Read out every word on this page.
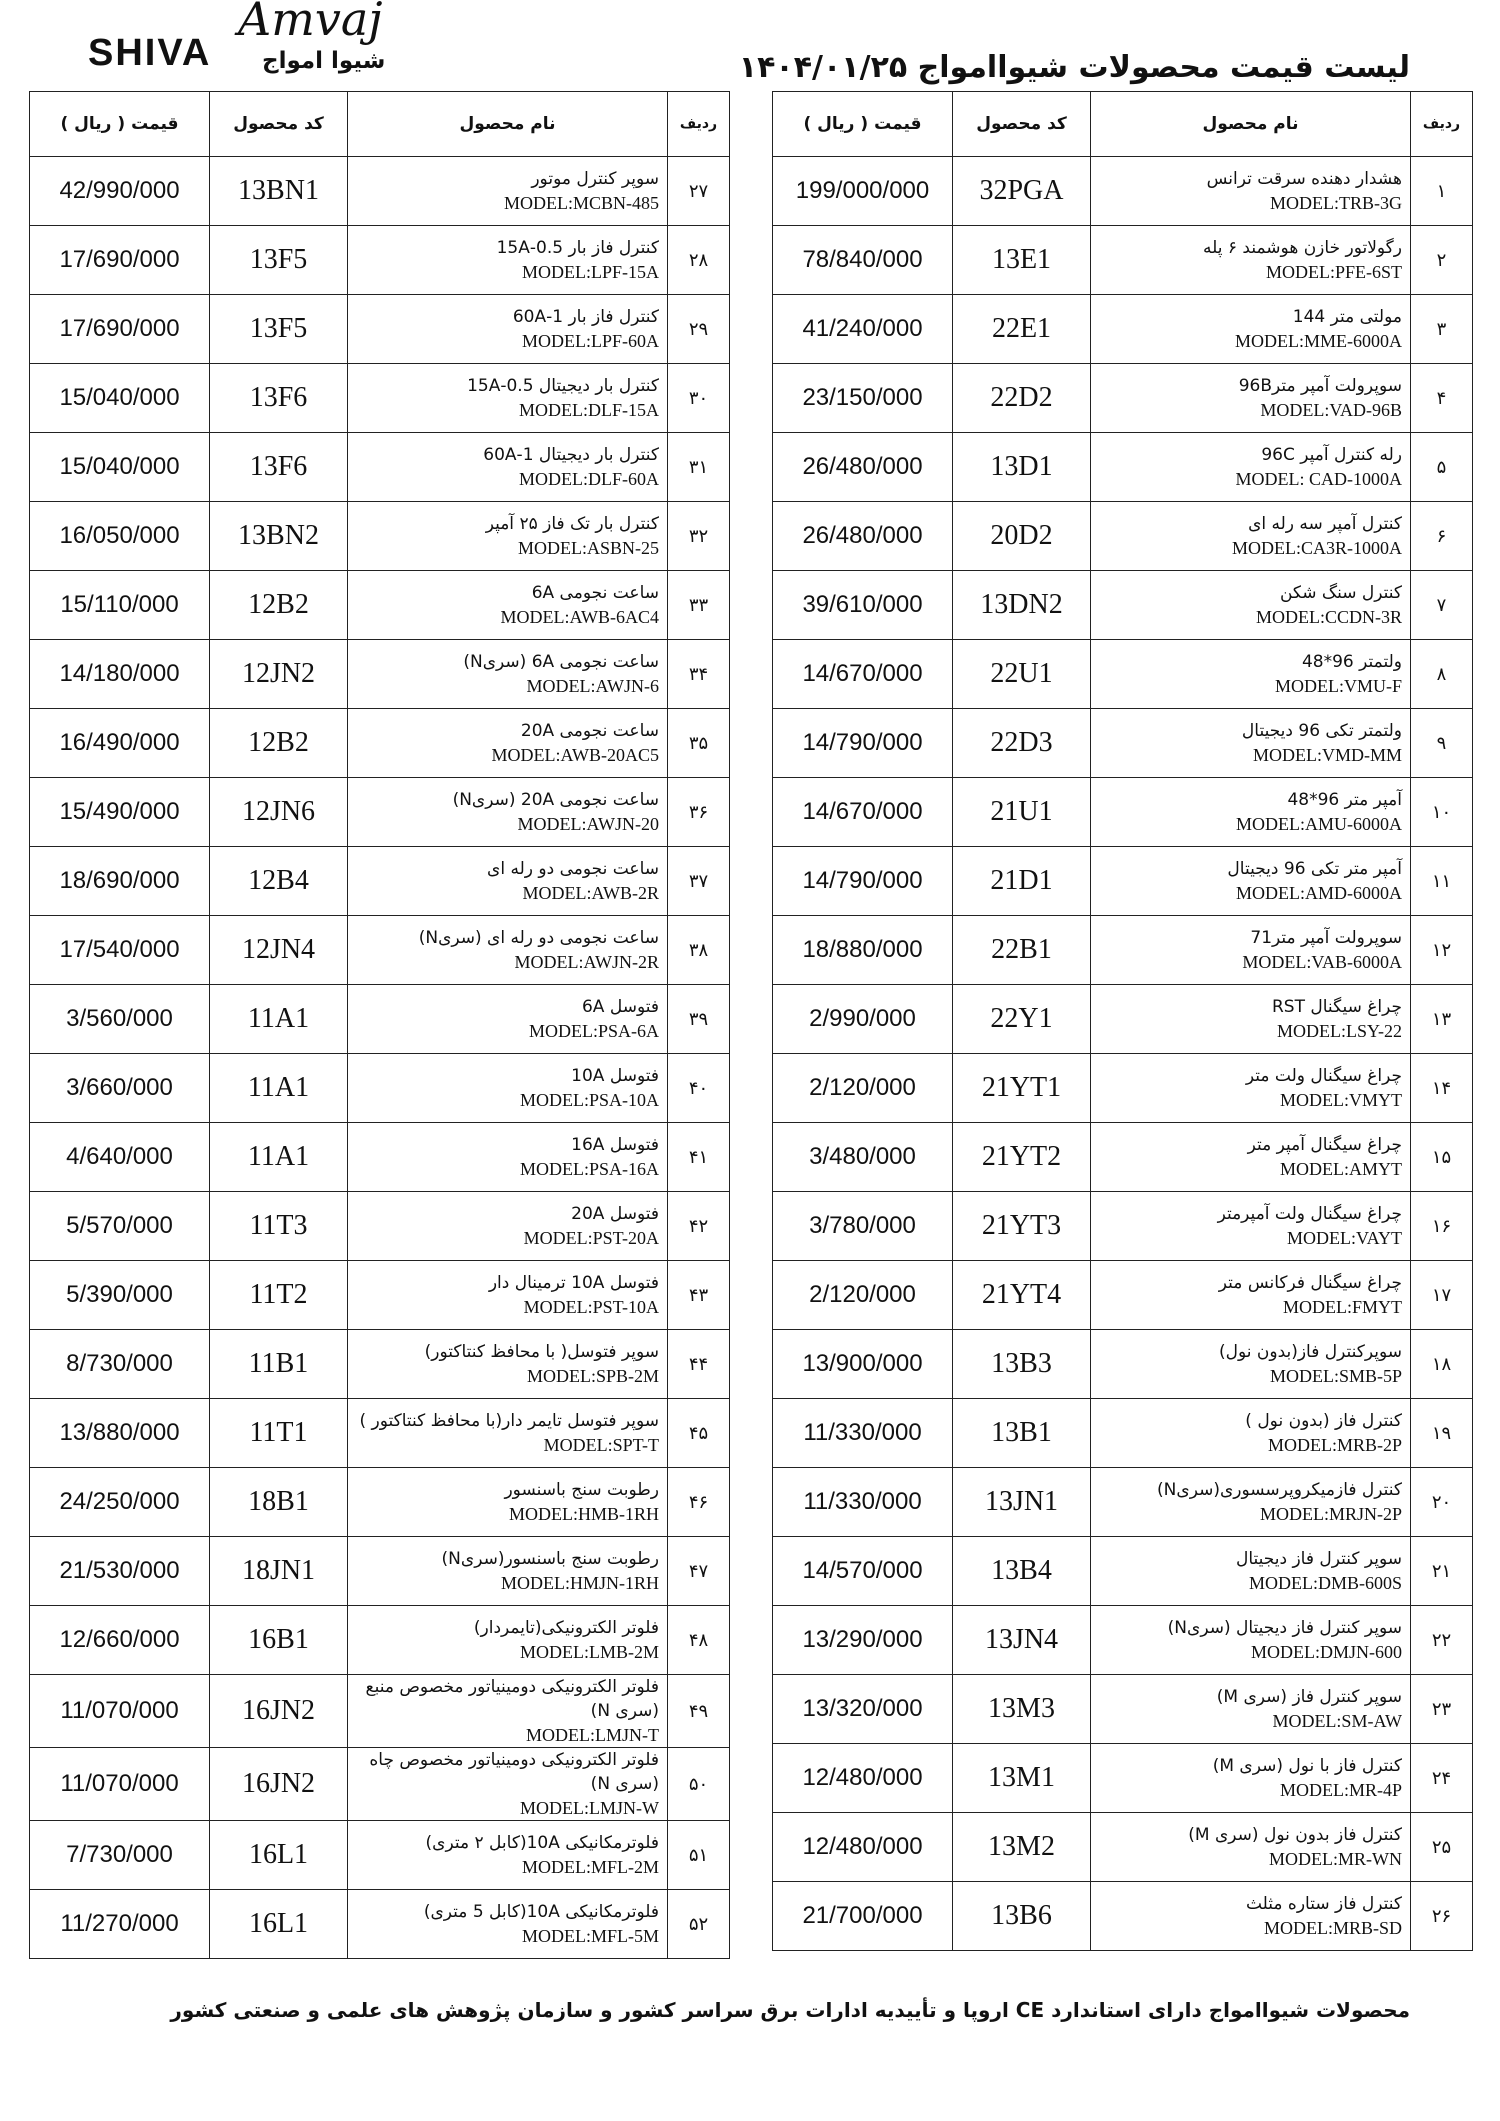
Amvaj
SHIVA شیوا امواج	لیست قیمت محصولات شیواامواج ۱۴۰۴/۰۱/۲۵
ردیف	نام محصول	کد محصول	قیمت ( ریال )
۱	هشدار دهنده سرقت ترانس
MODEL:TRB-3G	32PGA	199/000/000
۲	رگولاتور خازن هوشمند ۶ پله
MODEL:PFE-6ST	13E1	78/840/000
۳	مولتی متر 144
MODEL:MME-6000A	22E1	41/240/000
۴	سوپرولت آمپر متر96B
MODEL:VAD-96B	22D2	23/150/000
۵	رله کنترل آمپر 96C
MODEL: CAD-1000A	13D1	26/480/000
۶	کنترل آمپر سه رله ای
MODEL:CA3R-1000A	20D2	26/480/000
۷	کنترل سنگ شکن
MODEL:CCDN-3R	13DN2	39/610/000
۸	ولتمتر 96*48
MODEL:VMU-F	22U1	14/670/000
۹	ولتمتر تکی 96 دیجیتال
MODEL:VMD-MM	22D3	14/790/000
۱۰	آمپر متر 96*48
MODEL:AMU-6000A	21U1	14/670/000
۱۱	آمپر متر تکی 96 دیجیتال
MODEL:AMD-6000A	21D1	14/790/000
۱۲	سوپرولت آمپر متر71
MODEL:VAB-6000A	22B1	18/880/000
۱۳	چراغ سیگنال RST
MODEL:LSY-22	22Y1	2/990/000
۱۴	چراغ سیگنال ولت متر
MODEL:VMYT	21YT1	2/120/000
۱۵	چراغ سیگنال آمپر متر
MODEL:AMYT	21YT2	3/480/000
۱۶	چراغ سیگنال ولت آمپرمتر
MODEL:VAYT	21YT3	3/780/000
۱۷	چراغ سیگنال فرکانس متر
MODEL:FMYT	21YT4	2/120/000
۱۸	سوپرکنترل فاز(بدون نول)
MODEL:SMB-5P	13B3	13/900/000
۱۹	کنترل فاز (بدون نول )
MODEL:MRB-2P	13B1	11/330/000
۲۰	کنترل فازمیکروپرسسوری(سریN)
MODEL:MRJN-2P	13JN1	11/330/000
۲۱	سوپر کنترل فاز دیجیتال
MODEL:DMB-600S	13B4	14/570/000
۲۲	سوپر کنترل فاز دیجیتال (سریN)
MODEL:DMJN-600	13JN4	13/290/000
۲۳	سوپر کنترل فاز (سری M)
MODEL:SM-AW	13M3	13/320/000
۲۴	کنترل فاز با نول (سری M)
MODEL:MR-4P	13M1	12/480/000
۲۵	کنترل فاز بدون نول (سری M)
MODEL:MR-WN	13M2	12/480/000
۲۶	کنترل فاز ستاره مثلث
MODEL:MRB-SD	13B6	21/700/000
ردیف	نام محصول	کد محصول	قیمت ( ریال )
۲۷	سوپر کنترل موتور
MODEL:MCBN-485	13BN1	42/990/000
۲۸	کنترل فاز بار 0.5-15A
MODEL:LPF-15A	13F5	17/690/000
۲۹	کنترل فاز بار 1-60A
MODEL:LPF-60A	13F5	17/690/000
۳۰	کنترل بار دیجیتال 0.5-15A
MODEL:DLF-15A	13F6	15/040/000
۳۱	کنترل بار دیجیتال 1-60A
MODEL:DLF-60A	13F6	15/040/000
۳۲	کنترل بار تک فاز ۲۵ آمپر
MODEL:ASBN-25	13BN2	16/050/000
۳۳	ساعت نجومی 6A
MODEL:AWB-6AC4	12B2	15/110/000
۳۴	ساعت نجومی 6A (سریN)
MODEL:AWJN-6	12JN2	14/180/000
۳۵	ساعت نجومی 20A
MODEL:AWB-20AC5	12B2	16/490/000
۳۶	ساعت نجومی 20A (سریN)
MODEL:AWJN-20	12JN6	15/490/000
۳۷	ساعت نجومی دو رله ای
MODEL:AWB-2R	12B4	18/690/000
۳۸	ساعت نجومی دو رله ای (سریN)
MODEL:AWJN-2R	12JN4	17/540/000
۳۹	فتوسل 6A
MODEL:PSA-6A	11A1	3/560/000
۴۰	فتوسل 10A
MODEL:PSA-10A	11A1	3/660/000
۴۱	فتوسل 16A
MODEL:PSA-16A	11A1	4/640/000
۴۲	فتوسل 20A
MODEL:PST-20A	11T3	5/570/000
۴۳	فتوسل 10A ترمینال دار
MODEL:PST-10A	11T2	5/390/000
۴۴	سوپر فتوسل( با محافظ کنتاکتور)
MODEL:SPB-2M	11B1	8/730/000
۴۵	سوپر فتوسل تایمر دار(با محافظ کنتاکتور )
MODEL:SPT-T	11T1	13/880/000
۴۶	رطوبت سنج باسنسور
MODEL:HMB-1RH	18B1	24/250/000
۴۷	رطوبت سنج باسنسور(سریN)
MODEL:HMJN-1RH	18JN1	21/530/000
۴۸	فلوتر الکترونیکی(تایمردار)
MODEL:LMB-2M	16B1	12/660/000
۴۹	فلوتر الکترونیکی دومینیاتور مخصوص منبع (سری N)
MODEL:LMJN-T	16JN2	11/070/000
۵۰	فلوتر الکترونیکی دومینیاتور مخصوص چاه (سری N)
MODEL:LMJN-W	16JN2	11/070/000
۵۱	فلوترمکانیکی 10A(کابل ۲ متری)
MODEL:MFL-2M	16L1	7/730/000
۵۲	فلوترمکانیکی 10A(کابل 5 متری)
MODEL:MFL-5M	16L1	11/270/000
محصولات شیواامواج دارای استاندارد CE اروپا و تأییدیه ادارات برق سراسر کشور و سازمان پژوهش های علمی و صنعتی کشور
